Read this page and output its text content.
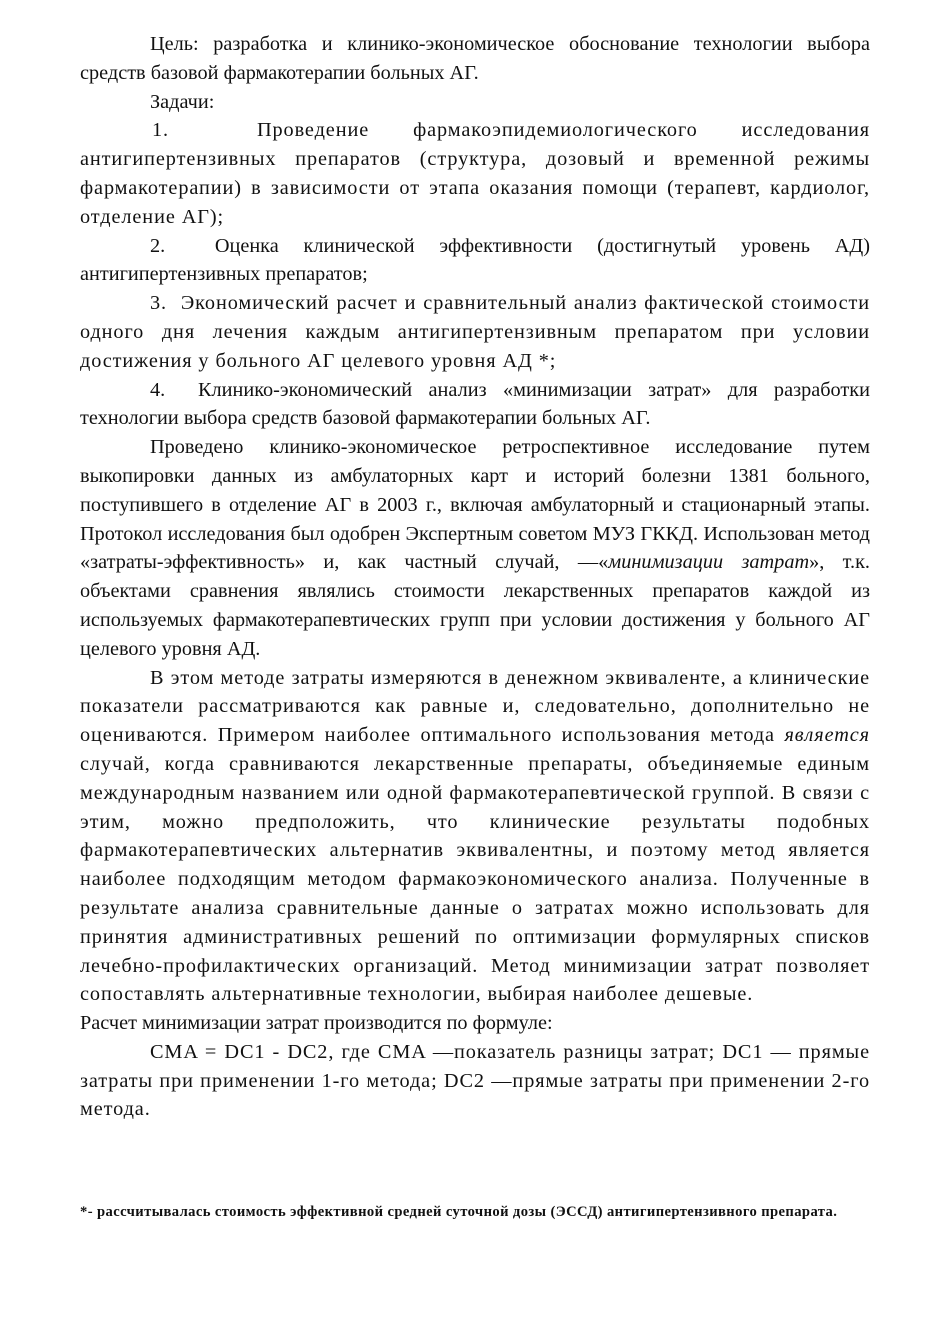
Цель: разработка и клинико-экономическое обоснование технологии выбора средств базовой фармакотерапии больных АГ.

Задачи:

1.  Проведение фармакоэпидемиологического исследования антигипертензивных препаратов (структура, дозовый и временной режимы фармакотерапии) в зависимости от этапа оказания помощи (терапевт, кардиолог, отделение АГ);

2.  Оценка клинической эффективности (достигнутый уровень АД) антигипертензивных препаратов;

3.  Экономический расчет и сравнительный анализ фактической стоимости одного дня лечения каждым антигипертензивным препаратом при условии достижения у больного АГ целевого уровня АД *;

4.  Клинико-экономический анализ «минимизации затрат» для разработки технологии выбора средств базовой фармакотерапии больных АГ.

Проведено клинико-экономическое ретроспективное исследование путем выкопировки данных из амбулаторных карт и историй болезни 1381 больного, поступившего в отделение АГ в 2003 г., включая амбулаторный и стационарный этапы. Протокол исследования был одобрен Экспертным советом МУЗ ГККД. Использован метод «затраты-эффективность» и, как частный случай, —«минимизации затрат», т.к. объектами сравнения являлись стоимости лекарственных препаратов каждой из используемых фармакотерапевтических групп при условии достижения у больного АГ целевого уровня АД.

В этом методе затраты измеряются в денежном эквиваленте, а клинические показатели рассматриваются как равные и, следовательно, дополнительно не оцениваются. Примером наиболее оптимального использования метода является случай, когда сравниваются лекарственные препараты, объединяемые единым международным названием или одной фармакотерапевтической группой. В связи с этим, можно предположить, что клинические результаты подобных фармакотерапевтических альтернатив эквивалентны, и поэтому метод является наиболее подходящим методом фармакоэкономического анализа. Полученные в результате анализа сравнительные данные о затратах можно использовать для принятия административных решений по оптимизации формулярных списков лечебно-профилактических организаций. Метод минимизации затрат позволяет сопоставлять альтернативные технологии, выбирая наиболее дешевые.

Расчет минимизации затрат производится по формуле:

CMA = DC1 - DC2, где CMA —показатель разницы затрат; DC1 — прямые затраты при применении 1-го метода; DC2 —прямые затраты при применении 2-го метода.

*- рассчитывалась стоимость эффективной средней суточной дозы (ЭССД) антигипертензивного препарата.
